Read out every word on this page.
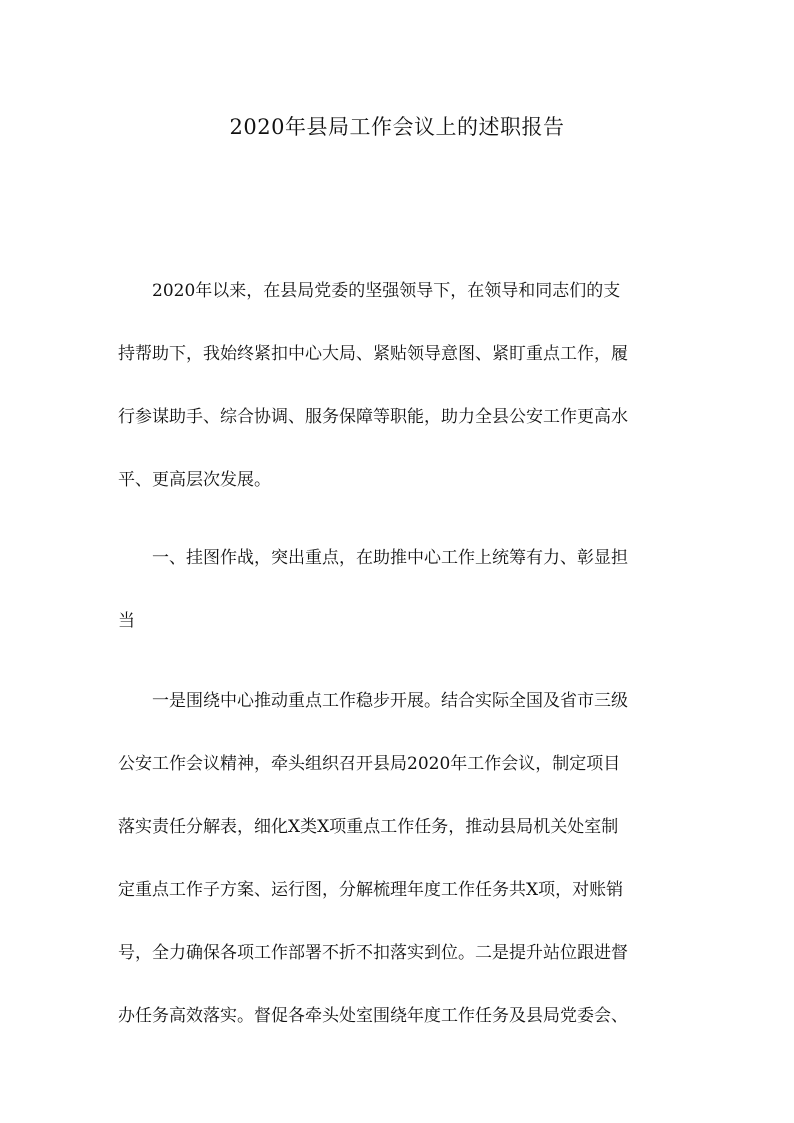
2020年县局工作会议上的述职报告
　　2020年以来，在县局党委的坚强领导下，在领导和同志们的支
持帮助下，我始终紧扣中心大局、紧贴领导意图、紧盯重点工作，履
行参谋助手、综合协调、服务保障等职能，助力全县公安工作更高水
平、更高层次发展。
　　一、挂图作战，突出重点，在助推中心工作上统筹有力、彰显担
当
　　一是围绕中心推动重点工作稳步开展。结合实际全国及省市三级
公安工作会议精神，牵头组织召开县局2020年工作会议，制定项目
落实责任分解表，细化X类X项重点工作任务，推动县局机关处室制
定重点工作子方案、运行图，分解梳理年度工作任务共X项，对账销
号，全力确保各项工作部署不折不扣落实到位。二是提升站位跟进督
办任务高效落实。督促各牵头处室围绕年度工作任务及县局党委会、
